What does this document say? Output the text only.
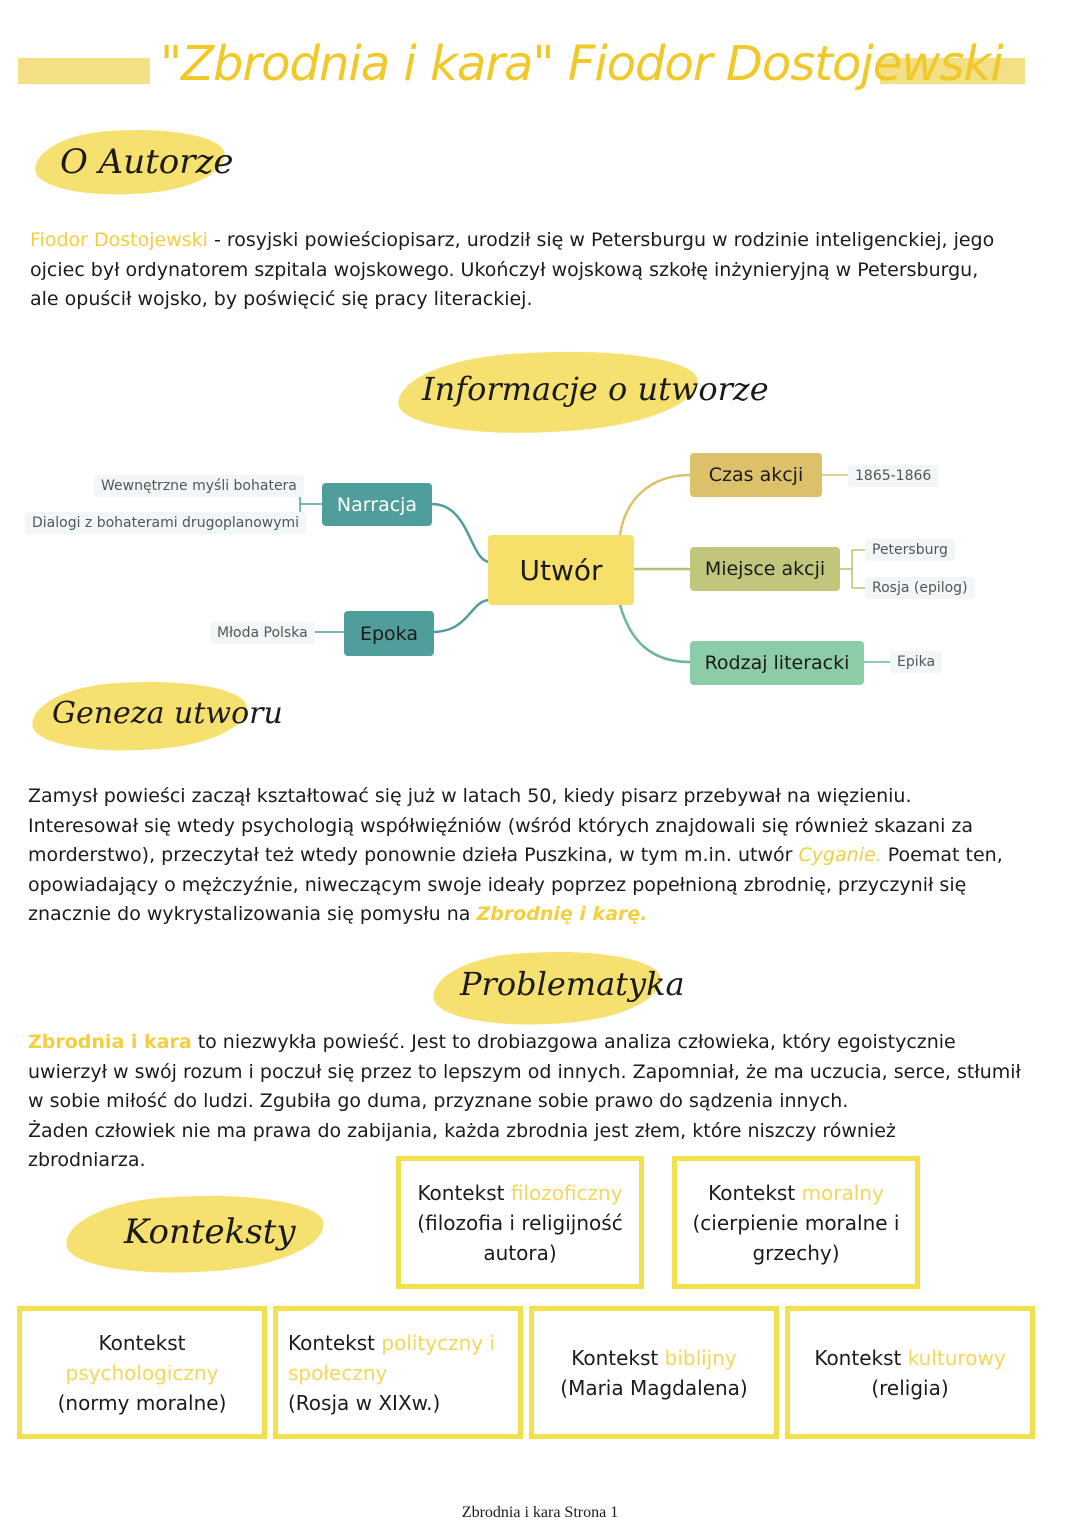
"Zbrodnia i kara" Fiodor Dostojewski
O Autorze

Fiodor Dostojewski - rosyjski powieściopisarz, urodził się w Petersburgu w rodzinie inteligenckiej, jego

ojciec był ordynatorem szpitala wojskowego. Ukończył wojskową szkołę inżynieryjną w Petersburgu,

ale opuścił wojsko, by poświęcić się pracy literackiej.

Informacje o utworze
Utwór
Narracja
Epoka
Czas akcji
Miejsce akcji
Rodzaj literacki
Wewnętrzne myśli bohatera
Dialogi z bohaterami drugoplanowymi
Młoda Polska
1865-1866
Petersburg
Rosja (epilog)
Epika
Geneza utworu

Zamysł powieści zaczął kształtować się już w latach 50, kiedy pisarz przebywał na więzieniu.

Interesował się wtedy psychologią współwięźniów (wśród których znajdowali się również skazani za

morderstwo), przeczytał też wtedy ponownie dzieła Puszkina, w tym m.in. utwór Cyganie. Poemat ten,

opowiadający o mężczyźnie, niweczącym swoje ideały poprzez popełnioną zbrodnię, przyczynił się

znacznie do wykrystalizowania się pomysłu na Zbrodnię i karę.

Problematyka

Zbrodnia i kara to niezwykła powieść. Jest to drobiazgowa analiza człowieka, który egoistycznie

uwierzył w swój rozum i poczuł się przez to lepszym od innych. Zapomniał, że ma uczucia, serce, stłumił

w sobie miłość do ludzi. Zgubiła go duma, przyznane sobie prawo do sądzenia innych.

Żaden człowiek nie ma prawa do zabijania, każda zbrodnia jest złem, które niszczy również

zbrodniarza.

Konteksty
Kontekst filozoficzny
(filozofia i religijność
autora)
Kontekst moralny
(cierpienie moralne i
grzechy)
Kontekst
psychologiczny
(normy moralne)
Kontekst polityczny i
społeczny
(Rosja w XIXw.)
Kontekst biblijny
(Maria Magdalena)
Kontekst kulturowy
(religia)
Zbrodnia i kara Strona 1
